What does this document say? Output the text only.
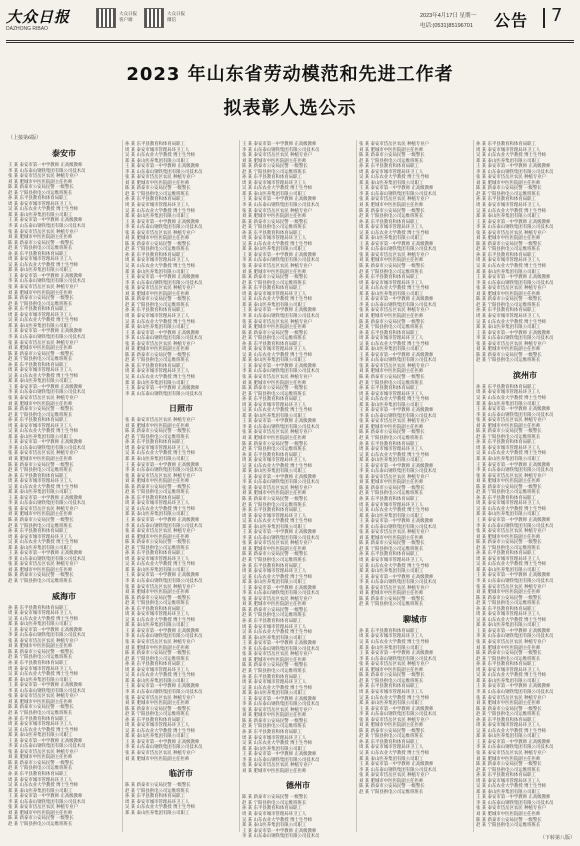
大众日报
DAZHONG RIBAO
大众日报 客户端
大众日报 微信
2023年4月17日 星期一
电话:(0531)85196701 公告 7
2023 年山东省劳动模范和先进工作者
拟表彰人选公示
（上接第6版）
泰安市
王 某 泰安市第一中学教师 正高级教师
李 某 山东泰山钢铁集团有限公司技术员
张 某 泰安市岱岳区农民 种植专业户
刘 某 肥城市中医医院副主任医师
陈 某 新泰市公安局民警 一级警长
赵 某 宁阳县供电公司运维班班长
孙 某 东平县教育和体育局职工
周 某 泰安市城市管理局环卫工人
吴 某 山东农业大学教授 博士生导师
郑 某 泰山医养集团有限公司职工
王 某 泰安市第一中学教师 正高级教师
李 某 山东泰山钢铁集团有限公司技术员
张 某 泰安市岱岳区农民 种植专业户
刘 某 肥城市中医医院副主任医师
陈 某 新泰市公安局民警 一级警长
赵 某 宁阳县供电公司运维班班长
孙 某 东平县教育和体育局职工
周 某 泰安市城市管理局环卫工人
吴 某 山东农业大学教授 博士生导师
郑 某 泰山医养集团有限公司职工
王 某 泰安市第一中学教师 正高级教师
李 某 山东泰山钢铁集团有限公司技术员
张 某 泰安市岱岳区农民 种植专业户
刘 某 肥城市中医医院副主任医师
陈 某 新泰市公安局民警 一级警长
赵 某 宁阳县供电公司运维班班长
孙 某 东平县教育和体育局职工
周 某 泰安市城市管理局环卫工人
吴 某 山东农业大学教授 博士生导师
郑 某 泰山医养集团有限公司职工
王 某 泰安市第一中学教师 正高级教师
李 某 山东泰山钢铁集团有限公司技术员
张 某 泰安市岱岳区农民 种植专业户
刘 某 肥城市中医医院副主任医师
陈 某 新泰市公安局民警 一级警长
赵 某 宁阳县供电公司运维班班长
孙 某 东平县教育和体育局职工
周 某 泰安市城市管理局环卫工人
吴 某 山东农业大学教授 博士生导师
郑 某 泰山医养集团有限公司职工
王 某 泰安市第一中学教师 正高级教师
李 某 山东泰山钢铁集团有限公司技术员
张 某 泰安市岱岳区农民 种植专业户
刘 某 肥城市中医医院副主任医师
陈 某 新泰市公安局民警 一级警长
赵 某 宁阳县供电公司运维班班长
孙 某 东平县教育和体育局职工
周 某 泰安市城市管理局环卫工人
吴 某 山东农业大学教授 博士生导师
郑 某 泰山医养集团有限公司职工
王 某 泰安市第一中学教师 正高级教师
李 某 山东泰山钢铁集团有限公司技术员
张 某 泰安市岱岳区农民 种植专业户
刘 某 肥城市中医医院副主任医师
陈 某 新泰市公安局民警 一级警长
赵 某 宁阳县供电公司运维班班长
孙 某 东平县教育和体育局职工
周 某 泰安市城市管理局环卫工人
吴 某 山东农业大学教授 博士生导师
郑 某 泰山医养集团有限公司职工
王 某 泰安市第一中学教师 正高级教师
李 某 山东泰山钢铁集团有限公司技术员
张 某 泰安市岱岳区农民 种植专业户
刘 某 肥城市中医医院副主任医师
陈 某 新泰市公安局民警 一级警长
赵 某 宁阳县供电公司运维班班长
孙 某 东平县教育和体育局职工
周 某 泰安市城市管理局环卫工人
吴 某 山东农业大学教授 博士生导师
郑 某 泰山医养集团有限公司职工
王 某 泰安市第一中学教师 正高级教师
李 某 山东泰山钢铁集团有限公司技术员
张 某 泰安市岱岳区农民 种植专业户
刘 某 肥城市中医医院副主任医师
陈 某 新泰市公安局民警 一级警长
赵 某 宁阳县供电公司运维班班长
威海市
孙 某 东平县教育和体育局职工
周 某 泰安市城市管理局环卫工人
吴 某 山东农业大学教授 博士生导师
郑 某 泰山医养集团有限公司职工
王 某 泰安市第一中学教师 正高级教师
李 某 山东泰山钢铁集团有限公司技术员
张 某 泰安市岱岳区农民 种植专业户
刘 某 肥城市中医医院副主任医师
陈 某 新泰市公安局民警 一级警长
赵 某 宁阳县供电公司运维班班长
孙 某 东平县教育和体育局职工
周 某 泰安市城市管理局环卫工人
吴 某 山东农业大学教授 博士生导师
郑 某 泰山医养集团有限公司职工
王 某 泰安市第一中学教师 正高级教师
李 某 山东泰山钢铁集团有限公司技术员
张 某 泰安市岱岳区农民 种植专业户
刘 某 肥城市中医医院副主任医师
陈 某 新泰市公安局民警 一级警长
赵 某 宁阳县供电公司运维班班长
孙 某 东平县教育和体育局职工
周 某 泰安市城市管理局环卫工人
吴 某 山东农业大学教授 博士生导师
郑 某 泰山医养集团有限公司职工
王 某 泰安市第一中学教师 正高级教师
李 某 山东泰山钢铁集团有限公司技术员
张 某 泰安市岱岳区农民 种植专业户
刘 某 肥城市中医医院副主任医师
陈 某 新泰市公安局民警 一级警长
赵 某 宁阳县供电公司运维班班长
孙 某 东平县教育和体育局职工
周 某 泰安市城市管理局环卫工人
吴 某 山东农业大学教授 博士生导师
郑 某 泰山医养集团有限公司职工
王 某 泰安市第一中学教师 正高级教师
李 某 山东泰山钢铁集团有限公司技术员
张 某 泰安市岱岳区农民 种植专业户
刘 某 肥城市中医医院副主任医师
陈 某 新泰市公安局民警 一级警长
赵 某 宁阳县供电公司运维班班长
孙 某 东平县教育和体育局职工
周 某 泰安市城市管理局环卫工人
吴 某 山东农业大学教授 博士生导师
郑 某 泰山医养集团有限公司职工
王 某 泰安市第一中学教师 正高级教师
李 某 山东泰山钢铁集团有限公司技术员
张 某 泰安市岱岳区农民 种植专业户
刘 某 肥城市中医医院副主任医师
陈 某 新泰市公安局民警 一级警长
赵 某 宁阳县供电公司运维班班长
孙 某 东平县教育和体育局职工
周 某 泰安市城市管理局环卫工人
吴 某 山东农业大学教授 博士生导师
郑 某 泰山医养集团有限公司职工
王 某 泰安市第一中学教师 正高级教师
李 某 山东泰山钢铁集团有限公司技术员
张 某 泰安市岱岳区农民 种植专业户
刘 某 肥城市中医医院副主任医师
陈 某 新泰市公安局民警 一级警长
赵 某 宁阳县供电公司运维班班长
孙 某 东平县教育和体育局职工
周 某 泰安市城市管理局环卫工人
吴 某 山东农业大学教授 博士生导师
郑 某 泰山医养集团有限公司职工
王 某 泰安市第一中学教师 正高级教师
李 某 山东泰山钢铁集团有限公司技术员
张 某 泰安市岱岳区农民 种植专业户
刘 某 肥城市中医医院副主任医师
陈 某 新泰市公安局民警 一级警长
赵 某 宁阳县供电公司运维班班长
孙 某 东平县教育和体育局职工
周 某 泰安市城市管理局环卫工人
吴 某 山东农业大学教授 博士生导师
郑 某 泰山医养集团有限公司职工
王 某 泰安市第一中学教师 正高级教师
李 某 山东泰山钢铁集团有限公司技术员
张 某 泰安市岱岳区农民 种植专业户
刘 某 肥城市中医医院副主任医师
陈 某 新泰市公安局民警 一级警长
赵 某 宁阳县供电公司运维班班长
孙 某 东平县教育和体育局职工
周 某 泰安市城市管理局环卫工人
吴 某 山东农业大学教授 博士生导师
郑 某 泰山医养集团有限公司职工
王 某 泰安市第一中学教师 正高级教师
李 某 山东泰山钢铁集团有限公司技术员
日照市
张 某 泰安市岱岳区农民 种植专业户
刘 某 肥城市中医医院副主任医师
陈 某 新泰市公安局民警 一级警长
赵 某 宁阳县供电公司运维班班长
孙 某 东平县教育和体育局职工
周 某 泰安市城市管理局环卫工人
吴 某 山东农业大学教授 博士生导师
郑 某 泰山医养集团有限公司职工
王 某 泰安市第一中学教师 正高级教师
李 某 山东泰山钢铁集团有限公司技术员
张 某 泰安市岱岳区农民 种植专业户
刘 某 肥城市中医医院副主任医师
陈 某 新泰市公安局民警 一级警长
赵 某 宁阳县供电公司运维班班长
孙 某 东平县教育和体育局职工
周 某 泰安市城市管理局环卫工人
吴 某 山东农业大学教授 博士生导师
郑 某 泰山医养集团有限公司职工
王 某 泰安市第一中学教师 正高级教师
李 某 山东泰山钢铁集团有限公司技术员
张 某 泰安市岱岳区农民 种植专业户
刘 某 肥城市中医医院副主任医师
陈 某 新泰市公安局民警 一级警长
赵 某 宁阳县供电公司运维班班长
孙 某 东平县教育和体育局职工
周 某 泰安市城市管理局环卫工人
吴 某 山东农业大学教授 博士生导师
郑 某 泰山医养集团有限公司职工
王 某 泰安市第一中学教师 正高级教师
李 某 山东泰山钢铁集团有限公司技术员
张 某 泰安市岱岳区农民 种植专业户
刘 某 肥城市中医医院副主任医师
陈 某 新泰市公安局民警 一级警长
赵 某 宁阳县供电公司运维班班长
孙 某 东平县教育和体育局职工
周 某 泰安市城市管理局环卫工人
吴 某 山东农业大学教授 博士生导师
郑 某 泰山医养集团有限公司职工
王 某 泰安市第一中学教师 正高级教师
李 某 山东泰山钢铁集团有限公司技术员
张 某 泰安市岱岳区农民 种植专业户
刘 某 肥城市中医医院副主任医师
陈 某 新泰市公安局民警 一级警长
赵 某 宁阳县供电公司运维班班长
孙 某 东平县教育和体育局职工
周 某 泰安市城市管理局环卫工人
吴 某 山东农业大学教授 博士生导师
郑 某 泰山医养集团有限公司职工
王 某 泰安市第一中学教师 正高级教师
李 某 山东泰山钢铁集团有限公司技术员
张 某 泰安市岱岳区农民 种植专业户
刘 某 肥城市中医医院副主任医师
陈 某 新泰市公安局民警 一级警长
赵 某 宁阳县供电公司运维班班长
孙 某 东平县教育和体育局职工
周 某 泰安市城市管理局环卫工人
吴 某 山东农业大学教授 博士生导师
郑 某 泰山医养集团有限公司职工
王 某 泰安市第一中学教师 正高级教师
李 某 山东泰山钢铁集团有限公司技术员
张 某 泰安市岱岳区农民 种植专业户
刘 某 肥城市中医医院副主任医师
临沂市
陈 某 新泰市公安局民警 一级警长
赵 某 宁阳县供电公司运维班班长
孙 某 东平县教育和体育局职工
周 某 泰安市城市管理局环卫工人
吴 某 山东农业大学教授 博士生导师
郑 某 泰山医养集团有限公司职工
王 某 泰安市第一中学教师 正高级教师
李 某 山东泰山钢铁集团有限公司技术员
张 某 泰安市岱岳区农民 种植专业户
刘 某 肥城市中医医院副主任医师
陈 某 新泰市公安局民警 一级警长
赵 某 宁阳县供电公司运维班班长
孙 某 东平县教育和体育局职工
周 某 泰安市城市管理局环卫工人
吴 某 山东农业大学教授 博士生导师
郑 某 泰山医养集团有限公司职工
王 某 泰安市第一中学教师 正高级教师
李 某 山东泰山钢铁集团有限公司技术员
张 某 泰安市岱岳区农民 种植专业户
刘 某 肥城市中医医院副主任医师
陈 某 新泰市公安局民警 一级警长
赵 某 宁阳县供电公司运维班班长
孙 某 东平县教育和体育局职工
周 某 泰安市城市管理局环卫工人
吴 某 山东农业大学教授 博士生导师
郑 某 泰山医养集团有限公司职工
王 某 泰安市第一中学教师 正高级教师
李 某 山东泰山钢铁集团有限公司技术员
张 某 泰安市岱岳区农民 种植专业户
刘 某 肥城市中医医院副主任医师
陈 某 新泰市公安局民警 一级警长
赵 某 宁阳县供电公司运维班班长
孙 某 东平县教育和体育局职工
周 某 泰安市城市管理局环卫工人
吴 某 山东农业大学教授 博士生导师
郑 某 泰山医养集团有限公司职工
王 某 泰安市第一中学教师 正高级教师
李 某 山东泰山钢铁集团有限公司技术员
张 某 泰安市岱岳区农民 种植专业户
刘 某 肥城市中医医院副主任医师
陈 某 新泰市公安局民警 一级警长
赵 某 宁阳县供电公司运维班班长
孙 某 东平县教育和体育局职工
周 某 泰安市城市管理局环卫工人
吴 某 山东农业大学教授 博士生导师
郑 某 泰山医养集团有限公司职工
王 某 泰安市第一中学教师 正高级教师
李 某 山东泰山钢铁集团有限公司技术员
张 某 泰安市岱岳区农民 种植专业户
刘 某 肥城市中医医院副主任医师
陈 某 新泰市公安局民警 一级警长
赵 某 宁阳县供电公司运维班班长
孙 某 东平县教育和体育局职工
周 某 泰安市城市管理局环卫工人
吴 某 山东农业大学教授 博士生导师
郑 某 泰山医养集团有限公司职工
王 某 泰安市第一中学教师 正高级教师
李 某 山东泰山钢铁集团有限公司技术员
张 某 泰安市岱岳区农民 种植专业户
刘 某 肥城市中医医院副主任医师
陈 某 新泰市公安局民警 一级警长
赵 某 宁阳县供电公司运维班班长
孙 某 东平县教育和体育局职工
周 某 泰安市城市管理局环卫工人
吴 某 山东农业大学教授 博士生导师
郑 某 泰山医养集团有限公司职工
王 某 泰安市第一中学教师 正高级教师
李 某 山东泰山钢铁集团有限公司技术员
张 某 泰安市岱岳区农民 种植专业户
刘 某 肥城市中医医院副主任医师
陈 某 新泰市公安局民警 一级警长
赵 某 宁阳县供电公司运维班班长
孙 某 东平县教育和体育局职工
周 某 泰安市城市管理局环卫工人
吴 某 山东农业大学教授 博士生导师
郑 某 泰山医养集团有限公司职工
王 某 泰安市第一中学教师 正高级教师
李 某 山东泰山钢铁集团有限公司技术员
张 某 泰安市岱岳区农民 种植专业户
刘 某 肥城市中医医院副主任医师
陈 某 新泰市公安局民警 一级警长
赵 某 宁阳县供电公司运维班班长
孙 某 东平县教育和体育局职工
周 某 泰安市城市管理局环卫工人
吴 某 山东农业大学教授 博士生导师
郑 某 泰山医养集团有限公司职工
王 某 泰安市第一中学教师 正高级教师
李 某 山东泰山钢铁集团有限公司技术员
张 某 泰安市岱岳区农民 种植专业户
刘 某 肥城市中医医院副主任医师
陈 某 新泰市公安局民警 一级警长
赵 某 宁阳县供电公司运维班班长
孙 某 东平县教育和体育局职工
周 某 泰安市城市管理局环卫工人
吴 某 山东农业大学教授 博士生导师
郑 某 泰山医养集团有限公司职工
王 某 泰安市第一中学教师 正高级教师
李 某 山东泰山钢铁集团有限公司技术员
张 某 泰安市岱岳区农民 种植专业户
刘 某 肥城市中医医院副主任医师
陈 某 新泰市公安局民警 一级警长
赵 某 宁阳县供电公司运维班班长
孙 某 东平县教育和体育局职工
周 某 泰安市城市管理局环卫工人
吴 某 山东农业大学教授 博士生导师
郑 某 泰山医养集团有限公司职工
王 某 泰安市第一中学教师 正高级教师
李 某 山东泰山钢铁集团有限公司技术员
张 某 泰安市岱岳区农民 种植专业户
刘 某 肥城市中医医院副主任医师
陈 某 新泰市公安局民警 一级警长
赵 某 宁阳县供电公司运维班班长
孙 某 东平县教育和体育局职工
周 某 泰安市城市管理局环卫工人
吴 某 山东农业大学教授 博士生导师
郑 某 泰山医养集团有限公司职工
王 某 泰安市第一中学教师 正高级教师
李 某 山东泰山钢铁集团有限公司技术员
张 某 泰安市岱岳区农民 种植专业户
刘 某 肥城市中医医院副主任医师
德州市
陈 某 新泰市公安局民警 一级警长
赵 某 宁阳县供电公司运维班班长
孙 某 东平县教育和体育局职工
周 某 泰安市城市管理局环卫工人
吴 某 山东农业大学教授 博士生导师
郑 某 泰山医养集团有限公司职工
王 某 泰安市第一中学教师 正高级教师
李 某 山东泰山钢铁集团有限公司技术员
张 某 泰安市岱岳区农民 种植专业户
刘 某 肥城市中医医院副主任医师
陈 某 新泰市公安局民警 一级警长
赵 某 宁阳县供电公司运维班班长
孙 某 东平县教育和体育局职工
周 某 泰安市城市管理局环卫工人
吴 某 山东农业大学教授 博士生导师
郑 某 泰山医养集团有限公司职工
王 某 泰安市第一中学教师 正高级教师
李 某 山东泰山钢铁集团有限公司技术员
张 某 泰安市岱岳区农民 种植专业户
刘 某 肥城市中医医院副主任医师
陈 某 新泰市公安局民警 一级警长
赵 某 宁阳县供电公司运维班班长
孙 某 东平县教育和体育局职工
周 某 泰安市城市管理局环卫工人
吴 某 山东农业大学教授 博士生导师
郑 某 泰山医养集团有限公司职工
王 某 泰安市第一中学教师 正高级教师
李 某 山东泰山钢铁集团有限公司技术员
张 某 泰安市岱岳区农民 种植专业户
刘 某 肥城市中医医院副主任医师
陈 某 新泰市公安局民警 一级警长
赵 某 宁阳县供电公司运维班班长
孙 某 东平县教育和体育局职工
周 某 泰安市城市管理局环卫工人
吴 某 山东农业大学教授 博士生导师
郑 某 泰山医养集团有限公司职工
王 某 泰安市第一中学教师 正高级教师
李 某 山东泰山钢铁集团有限公司技术员
张 某 泰安市岱岳区农民 种植专业户
刘 某 肥城市中医医院副主任医师
陈 某 新泰市公安局民警 一级警长
赵 某 宁阳县供电公司运维班班长
孙 某 东平县教育和体育局职工
周 某 泰安市城市管理局环卫工人
吴 某 山东农业大学教授 博士生导师
郑 某 泰山医养集团有限公司职工
王 某 泰安市第一中学教师 正高级教师
李 某 山东泰山钢铁集团有限公司技术员
张 某 泰安市岱岳区农民 种植专业户
刘 某 肥城市中医医院副主任医师
陈 某 新泰市公安局民警 一级警长
赵 某 宁阳县供电公司运维班班长
孙 某 东平县教育和体育局职工
周 某 泰安市城市管理局环卫工人
吴 某 山东农业大学教授 博士生导师
郑 某 泰山医养集团有限公司职工
王 某 泰安市第一中学教师 正高级教师
李 某 山东泰山钢铁集团有限公司技术员
张 某 泰安市岱岳区农民 种植专业户
刘 某 肥城市中医医院副主任医师
陈 某 新泰市公安局民警 一级警长
赵 某 宁阳县供电公司运维班班长
孙 某 东平县教育和体育局职工
周 某 泰安市城市管理局环卫工人
吴 某 山东农业大学教授 博士生导师
郑 某 泰山医养集团有限公司职工
王 某 泰安市第一中学教师 正高级教师
李 某 山东泰山钢铁集团有限公司技术员
张 某 泰安市岱岳区农民 种植专业户
刘 某 肥城市中医医院副主任医师
陈 某 新泰市公安局民警 一级警长
赵 某 宁阳县供电公司运维班班长
孙 某 东平县教育和体育局职工
周 某 泰安市城市管理局环卫工人
吴 某 山东农业大学教授 博士生导师
郑 某 泰山医养集团有限公司职工
王 某 泰安市第一中学教师 正高级教师
李 某 山东泰山钢铁集团有限公司技术员
张 某 泰安市岱岳区农民 种植专业户
刘 某 肥城市中医医院副主任医师
陈 某 新泰市公安局民警 一级警长
赵 某 宁阳县供电公司运维班班长
孙 某 东平县教育和体育局职工
周 某 泰安市城市管理局环卫工人
吴 某 山东农业大学教授 博士生导师
郑 某 泰山医养集团有限公司职工
王 某 泰安市第一中学教师 正高级教师
李 某 山东泰山钢铁集团有限公司技术员
张 某 泰安市岱岳区农民 种植专业户
刘 某 肥城市中医医院副主任医师
陈 某 新泰市公安局民警 一级警长
赵 某 宁阳县供电公司运维班班长
聊城市
孙 某 东平县教育和体育局职工
周 某 泰安市城市管理局环卫工人
吴 某 山东农业大学教授 博士生导师
郑 某 泰山医养集团有限公司职工
王 某 泰安市第一中学教师 正高级教师
李 某 山东泰山钢铁集团有限公司技术员
张 某 泰安市岱岳区农民 种植专业户
刘 某 肥城市中医医院副主任医师
陈 某 新泰市公安局民警 一级警长
赵 某 宁阳县供电公司运维班班长
孙 某 东平县教育和体育局职工
周 某 泰安市城市管理局环卫工人
吴 某 山东农业大学教授 博士生导师
郑 某 泰山医养集团有限公司职工
王 某 泰安市第一中学教师 正高级教师
李 某 山东泰山钢铁集团有限公司技术员
张 某 泰安市岱岳区农民 种植专业户
刘 某 肥城市中医医院副主任医师
陈 某 新泰市公安局民警 一级警长
赵 某 宁阳县供电公司运维班班长
孙 某 东平县教育和体育局职工
周 某 泰安市城市管理局环卫工人
吴 某 山东农业大学教授 博士生导师
郑 某 泰山医养集团有限公司职工
王 某 泰安市第一中学教师 正高级教师
李 某 山东泰山钢铁集团有限公司技术员
张 某 泰安市岱岳区农民 种植专业户
刘 某 肥城市中医医院副主任医师
陈 某 新泰市公安局民警 一级警长
赵 某 宁阳县供电公司运维班班长
孙 某 东平县教育和体育局职工
周 某 泰安市城市管理局环卫工人
吴 某 山东农业大学教授 博士生导师
郑 某 泰山医养集团有限公司职工
王 某 泰安市第一中学教师 正高级教师
李 某 山东泰山钢铁集团有限公司技术员
张 某 泰安市岱岳区农民 种植专业户
刘 某 肥城市中医医院副主任医师
陈 某 新泰市公安局民警 一级警长
赵 某 宁阳县供电公司运维班班长
孙 某 东平县教育和体育局职工
周 某 泰安市城市管理局环卫工人
吴 某 山东农业大学教授 博士生导师
郑 某 泰山医养集团有限公司职工
王 某 泰安市第一中学教师 正高级教师
李 某 山东泰山钢铁集团有限公司技术员
张 某 泰安市岱岳区农民 种植专业户
刘 某 肥城市中医医院副主任医师
陈 某 新泰市公安局民警 一级警长
赵 某 宁阳县供电公司运维班班长
孙 某 东平县教育和体育局职工
周 某 泰安市城市管理局环卫工人
吴 某 山东农业大学教授 博士生导师
郑 某 泰山医养集团有限公司职工
王 某 泰安市第一中学教师 正高级教师
李 某 山东泰山钢铁集团有限公司技术员
张 某 泰安市岱岳区农民 种植专业户
刘 某 肥城市中医医院副主任医师
陈 某 新泰市公安局民警 一级警长
赵 某 宁阳县供电公司运维班班长
孙 某 东平县教育和体育局职工
周 某 泰安市城市管理局环卫工人
吴 某 山东农业大学教授 博士生导师
郑 某 泰山医养集团有限公司职工
王 某 泰安市第一中学教师 正高级教师
李 某 山东泰山钢铁集团有限公司技术员
张 某 泰安市岱岳区农民 种植专业户
刘 某 肥城市中医医院副主任医师
陈 某 新泰市公安局民警 一级警长
赵 某 宁阳县供电公司运维班班长
滨州市
孙 某 东平县教育和体育局职工
周 某 泰安市城市管理局环卫工人
吴 某 山东农业大学教授 博士生导师
郑 某 泰山医养集团有限公司职工
王 某 泰安市第一中学教师 正高级教师
李 某 山东泰山钢铁集团有限公司技术员
张 某 泰安市岱岳区农民 种植专业户
刘 某 肥城市中医医院副主任医师
陈 某 新泰市公安局民警 一级警长
赵 某 宁阳县供电公司运维班班长
孙 某 东平县教育和体育局职工
周 某 泰安市城市管理局环卫工人
吴 某 山东农业大学教授 博士生导师
郑 某 泰山医养集团有限公司职工
王 某 泰安市第一中学教师 正高级教师
李 某 山东泰山钢铁集团有限公司技术员
张 某 泰安市岱岳区农民 种植专业户
刘 某 肥城市中医医院副主任医师
陈 某 新泰市公安局民警 一级警长
赵 某 宁阳县供电公司运维班班长
孙 某 东平县教育和体育局职工
周 某 泰安市城市管理局环卫工人
吴 某 山东农业大学教授 博士生导师
郑 某 泰山医养集团有限公司职工
王 某 泰安市第一中学教师 正高级教师
李 某 山东泰山钢铁集团有限公司技术员
张 某 泰安市岱岳区农民 种植专业户
刘 某 肥城市中医医院副主任医师
陈 某 新泰市公安局民警 一级警长
赵 某 宁阳县供电公司运维班班长
孙 某 东平县教育和体育局职工
周 某 泰安市城市管理局环卫工人
吴 某 山东农业大学教授 博士生导师
郑 某 泰山医养集团有限公司职工
王 某 泰安市第一中学教师 正高级教师
李 某 山东泰山钢铁集团有限公司技术员
张 某 泰安市岱岳区农民 种植专业户
刘 某 肥城市中医医院副主任医师
陈 某 新泰市公安局民警 一级警长
赵 某 宁阳县供电公司运维班班长
孙 某 东平县教育和体育局职工
周 某 泰安市城市管理局环卫工人
吴 某 山东农业大学教授 博士生导师
郑 某 泰山医养集团有限公司职工
王 某 泰安市第一中学教师 正高级教师
李 某 山东泰山钢铁集团有限公司技术员
张 某 泰安市岱岳区农民 种植专业户
刘 某 肥城市中医医院副主任医师
陈 某 新泰市公安局民警 一级警长
赵 某 宁阳县供电公司运维班班长
孙 某 东平县教育和体育局职工
周 某 泰安市城市管理局环卫工人
吴 某 山东农业大学教授 博士生导师
郑 某 泰山医养集团有限公司职工
王 某 泰安市第一中学教师 正高级教师
李 某 山东泰山钢铁集团有限公司技术员
张 某 泰安市岱岳区农民 种植专业户
刘 某 肥城市中医医院副主任医师
陈 某 新泰市公安局民警 一级警长
赵 某 宁阳县供电公司运维班班长
孙 某 东平县教育和体育局职工
周 某 泰安市城市管理局环卫工人
吴 某 山东农业大学教授 博士生导师
郑 某 泰山医养集团有限公司职工
王 某 泰安市第一中学教师 正高级教师
李 某 山东泰山钢铁集团有限公司技术员
张 某 泰安市岱岳区农民 种植专业户
刘 某 肥城市中医医院副主任医师
陈 某 新泰市公安局民警 一级警长
赵 某 宁阳县供电公司运维班班长
孙 某 东平县教育和体育局职工
周 某 泰安市城市管理局环卫工人
吴 某 山东农业大学教授 博士生导师
郑 某 泰山医养集团有限公司职工
王 某 泰安市第一中学教师 正高级教师
李 某 山东泰山钢铁集团有限公司技术员
张 某 泰安市岱岳区农民 种植专业户
刘 某 肥城市中医医院副主任医师
陈 某 新泰市公安局民警 一级警长
赵 某 宁阳县供电公司运维班班长
（下转第八版）
